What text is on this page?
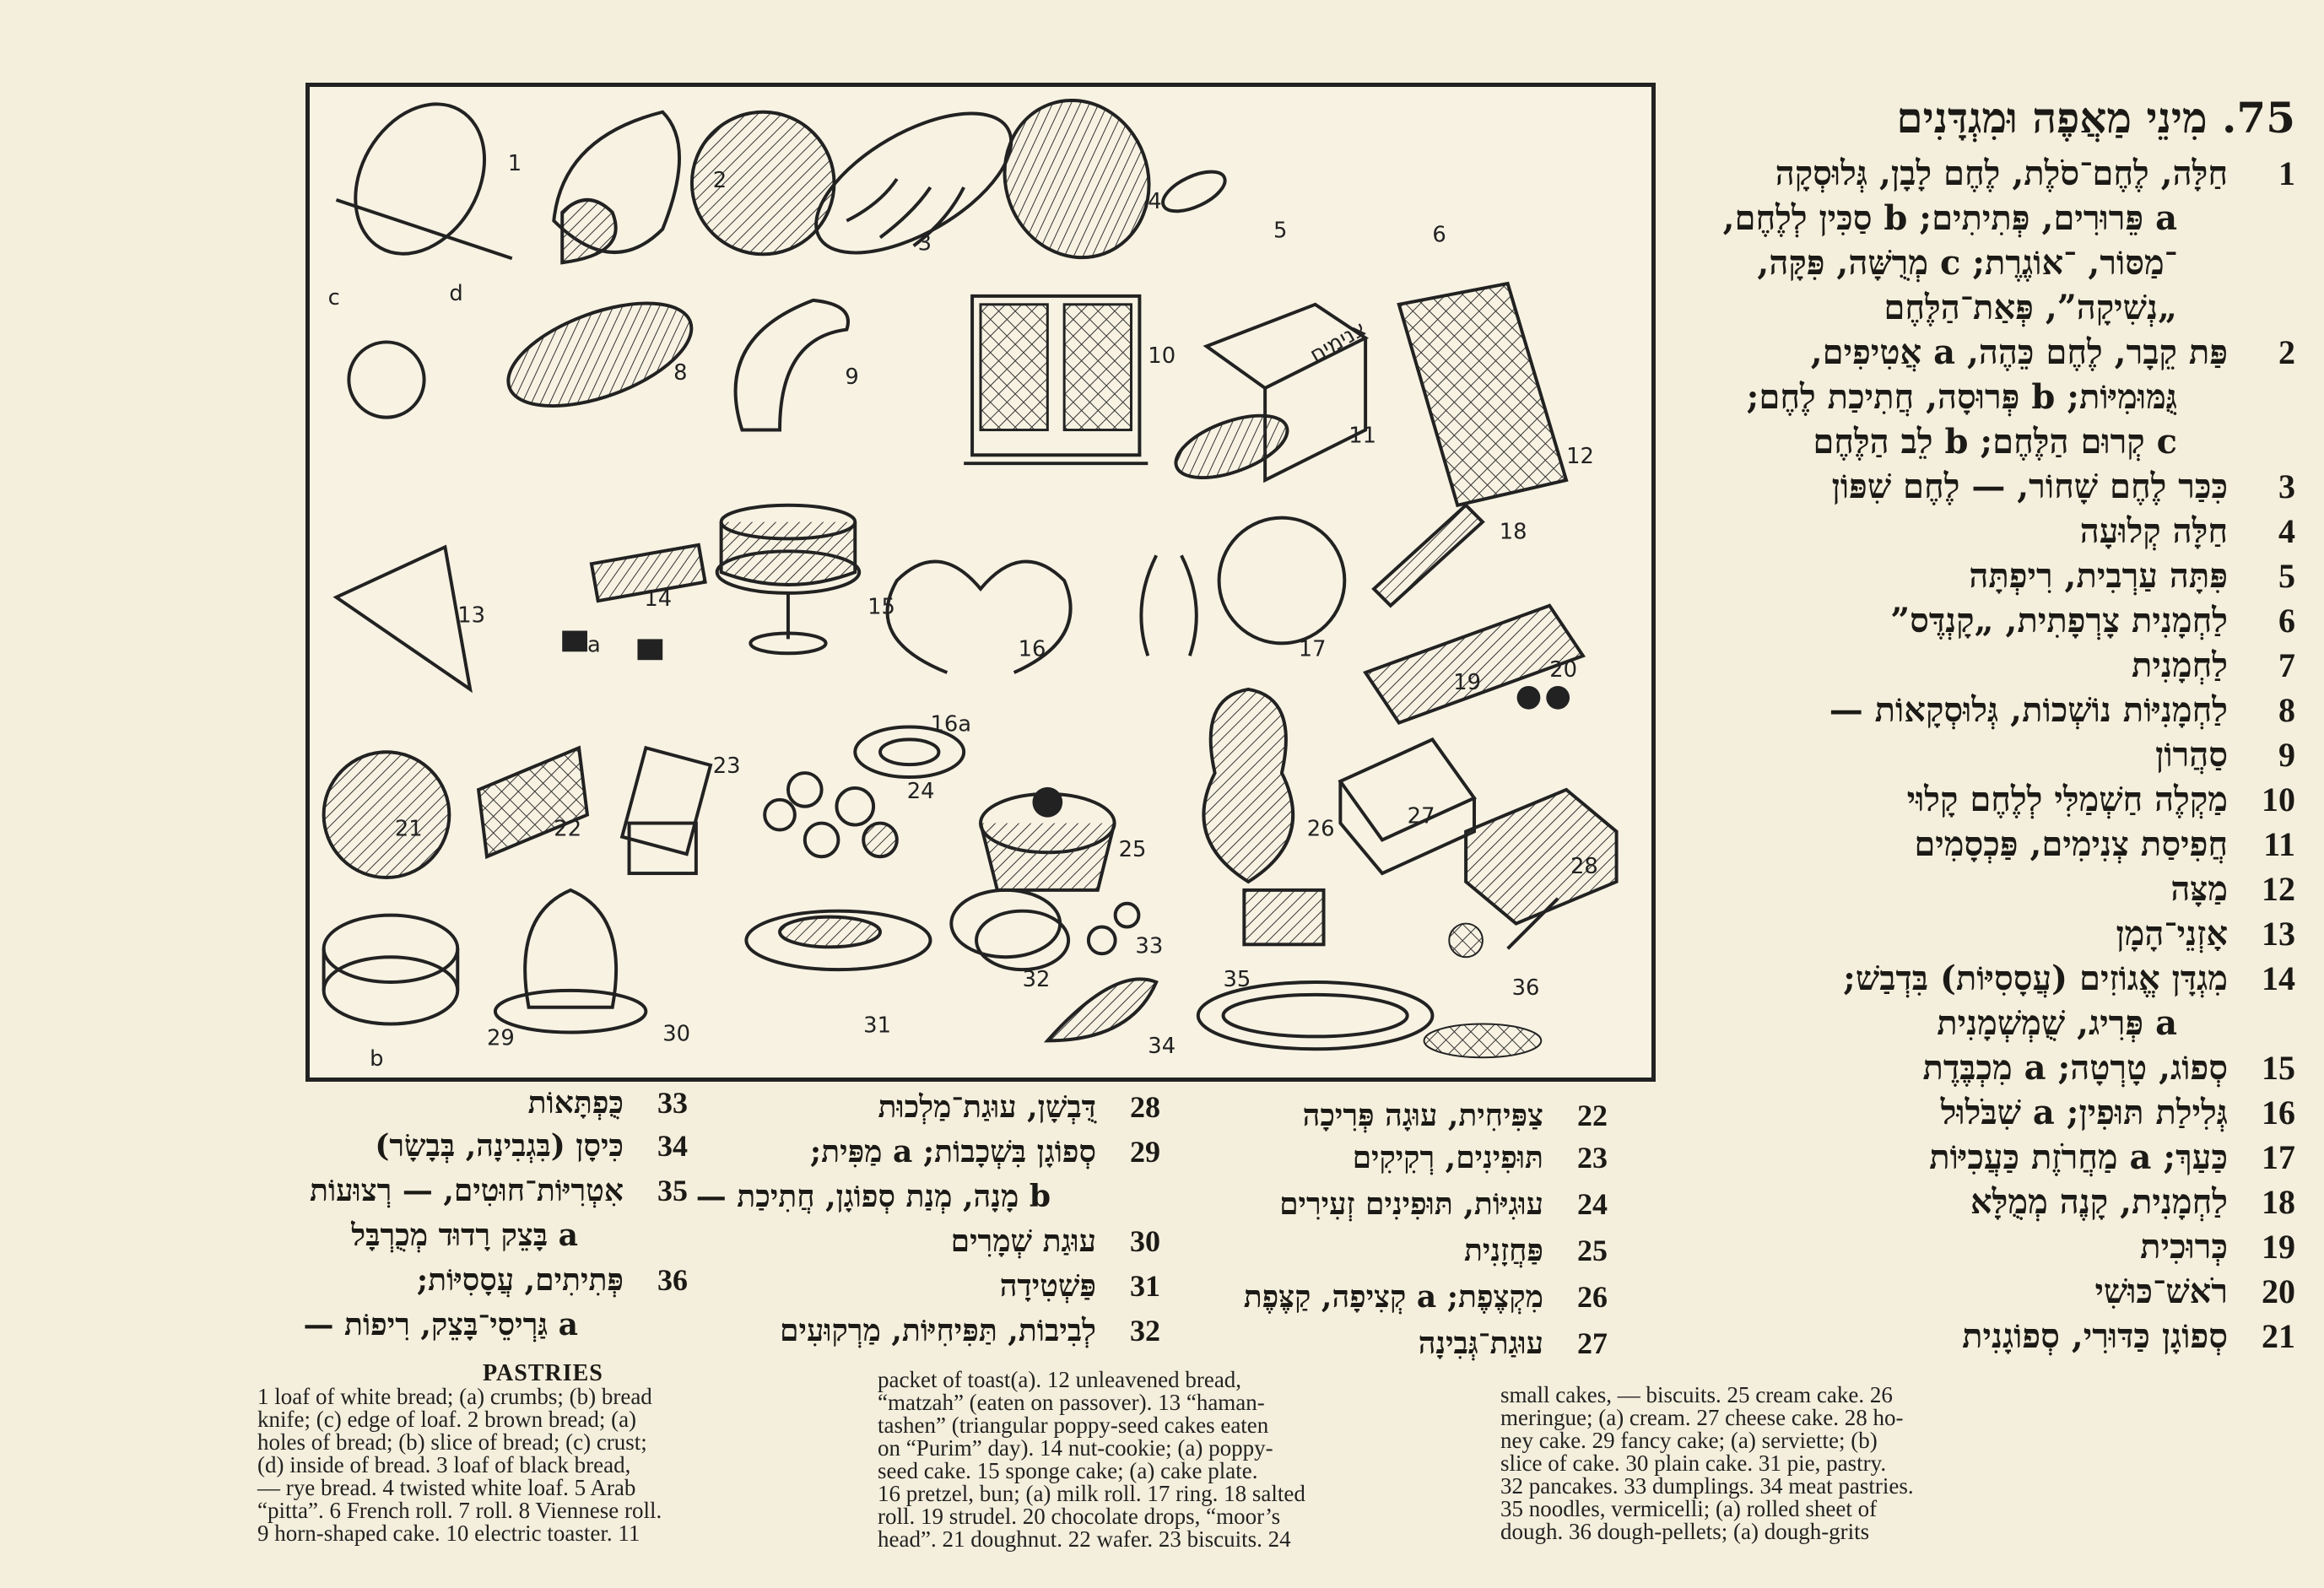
צנימים
1
2
3
4
5	6
8	9
10
11
12
13
14	15
16
16a
17
18
19	20
21	22
23
24
25
26	27
28
29	30	31
32
33
34
35	36
a
b
c	d
75. מִינֵי מַאֲפֶה וּמִגְדָּנִים
1
חַלָּה, לֶחֶם־סֹלֶת, לֶחֶם לָבָן, גְּלוּסְקָה
a פֵּרוּרִים, פְּתִיתִים; b סַכִּין לְלֶחֶם,
־מַסּוֹר, ־אוֹגֶרֶת; c מְרֻשָּׁה, פִּקָּה,
„נְשִׁיקָה”, פְּאַת־הַלֶּחֶם
2
פַּת קֵבָר, לֶחֶם כֵּהֶה, a אֲטִיפִים,
גֻּמּוּמִיּוֹת; b פְּרוּסָה, חֲתִיכַת לֶחֶם;
c קְרוּם הַלֶּחֶם; b לֵב הַלֶּחֶם
3
כִּכַּר לֶחֶם שָׁחוֹר, — לֶחֶם שִׁפּוֹן
4
חַלָּה קְלוּעָה
5
פִּתָּה עַרְבִית, רִיפְתָּה
6
לַחְמָנִית צָרְפָתִית, „קָנְדֶּס”
7
לַחְמָנִית
8
לַחְמָנִיּוֹת נוֹשְׁכוֹת, גְּלוּסְקָאוֹת —
9
סַהֲרוֹן
10
מַקְלֶה חַשְׁמַלִּי לְלֶחֶם קָלוּי
11
חֲפִיסַת צְנִימִים, פַּכְסָמִים
12
מַצָּה
13
אָזְנֵי־הָמָן
14
מִגְדָּן אֱגוֹזִים (עֲסָסִיּוֹת) בִּדְבַשׁ;
a פְּרִיג, שֻׁמְשְׁמָנִית
15
סְפוֹג, טָרְטָה; a מִכְבֶּדֶת
16
גְּלִילַת תּוּפִין; a שִׁבֹּלוּל
17
כַּעַךְ; a מַחֲרֹזֶת כַּעֲכִיּוֹת
18
לַחְמָנִית, קָנֶה מְמֻלָּא
19
כְּרוּכִית
20
רֹאשׁ־כּוּשִׁי
21
סְפוֹגָן כַּדּוּרִי, סְפוֹגָנִית
22
צַפִּיחִית, עוּגָה פְּרִיכָה
23
תּוּפִינִים, רְקִיקִים
24
עוּגִיּוֹת, תּוּפִינִים זְעִירִים
25
פַּחֲזָנִית
26
מִקְצֶפֶת; a קְצִיפָה, קַצֶּפֶת
27
עוּגַת־גְּבִינָה
28
דֻּבְשָׁן, עוּגַת־מַלְכוּת
29
סְפוֹגָן בִּשְׁכָבוֹת; a מַפִּית;
b מָנָה, מְנַת סְפוֹגָן, חֲתִיכַת —
30
עוּגַת שְׁמָרִים
31
פַּשְׁטִידָה
32
לְבִיבוֹת, תַּפִּיחִיּוֹת, מַרְקוּעִים
33
כֻּפְתָּאוֹת
34
כִּיסָן (בִּגְבִינָה, בְּבָשָׂר)
35
אִטְרִיּוֹת־חוּטִים, — רְצוּעוֹת
a בָּצֵק רָדוּד מְכֻרְבָּל
36
פְּתִיתִים, עֲסָסִיּוֹת;
a גַּרְיסֵי־בָּצֵק, רִיפוֹת —
PASTRIES
1 loaf of white bread; (a) crumbs; (b) bread
knife; (c) edge of loaf. 2 brown bread; (a)
holes of bread; (b) slice of bread; (c) crust;
(d) inside of bread. 3 loaf of black bread,
— rye bread. 4 twisted white loaf. 5 Arab
“pitta”. 6 French roll. 7 roll. 8 Viennese roll.
9 horn-shaped cake. 10 electric toaster. 11
packet of toast(a). 12 unleavened bread,
“matzah” (eaten on passover). 13 “haman-
tashen” (triangular poppy-seed cakes eaten
on “Purim” day). 14 nut-cookie; (a) poppy-
seed cake. 15 sponge cake; (a) cake plate.
16 pretzel, bun; (a) milk roll. 17 ring. 18 salted
roll. 19 strudel. 20 chocolate drops, “moor’s
head”. 21 doughnut. 22 wafer. 23 biscuits. 24
small cakes, — biscuits. 25 cream cake. 26
meringue; (a) cream. 27 cheese cake. 28 ho-
ney cake. 29 fancy cake; (a) serviette; (b)
slice of cake. 30 plain cake. 31 pie, pastry.
32 pancakes. 33 dumplings. 34 meat pastries.
35 noodles, vermicelli; (a) rolled sheet of
dough. 36 dough-pellets; (a) dough-grits
